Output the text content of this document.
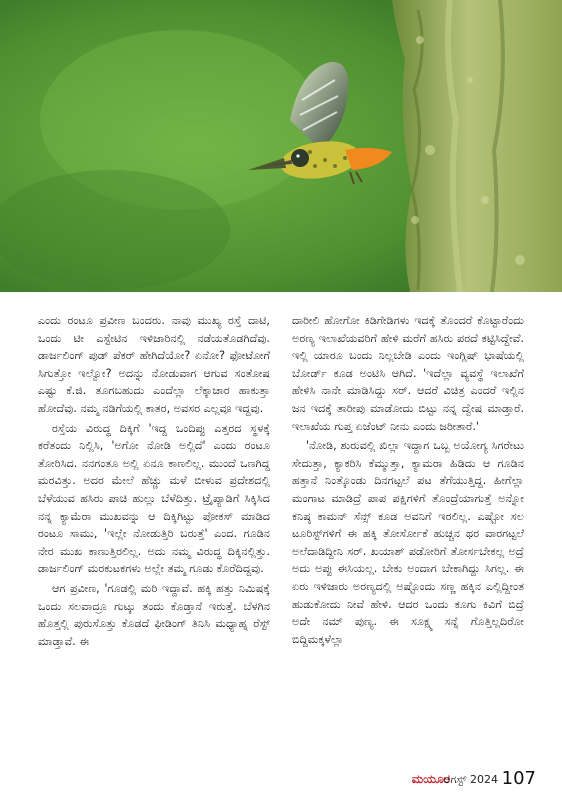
ಎಂದು ರಂಟೂ ಪ್ರವೀಣ ಬಂದರು. ನಾವು ಮುಖ್ಯ ರಸ್ತೆ ದಾಟಿ, ಒಂದು ಟೀ ಎಸ್ಟೇಟಿನ ಇಳಿಜಾರಿನಲ್ಲಿ ನಡೆಯತೊಡಗಿದೆವು. ಡಾರ್ಜಲಿಂಗ್ ಪುಡ್ ಪೆಕರ್ ಹೇಗಿದೆಯೋ? ಏನೋ? ಫೋಟೋಗೆ ಸಿಗುತ್ತೋ ಇಲ್ವೋ? ಅದನ್ನು ನೋಡುವಾಗ ಆಗುವ ಸಂತೋಷ ಎಷ್ಟು ಕೆ.ಜಿ. ತೂಗಬಹುದು ಎಂದೆಲ್ಲಾ ಲೆಕ್ಕಾಚಾರ ಹಾಕುತ್ತಾ ಹೋದೆವು. ನಮ್ಮ ನಡಿಗೆಯಲ್ಲಿ ಕಾತರ, ಅವಸರ ಎಲ್ಲವೂ ಇದ್ದವು.

ರಸ್ತೆಯ ವಿರುದ್ಧ ದಿಕ್ಕಿಗೆ 'ಇದ್ದ ಒಂದಿಪ್ಪು ಎತ್ತರದ ಸ್ಥಳಕ್ಕೆ ಕರೆತಂದು ನಿಲ್ಲಿಸಿ, 'ಅಗೋ ನೋಡಿ ಅಲ್ಲಿದೆ' ಎಂದು ರಂಟೂ ತೋರಿಸಿದ. ನನಗಂತೂ ಅಲ್ಲಿ ಏನೂ ಕಾಣಲಿಲ್ಲ. ಮುಂದೆ ಒಣಗಿದ್ದ ಮರವಿತ್ತು. ಅದರ ಮೇಲೆ ಹೆಚ್ಚು ಮಳೆ ಬೀಳುವ ಪ್ರದೇಶದಲ್ಲಿ ಬೆಳೆಯುವ ಹಸಿರು ಪಾಚಿ ಹುಲ್ಲು ಬೆಳೆದಿತ್ತು. ಟ್ರೈಪ್ಯಾಡಿಗೆ ಸಿಕ್ಕಿಸಿದ ನನ್ನ ಕ್ಯಾಮೆರಾ ಮುಖವನ್ನು ಆ ದಿಕ್ಕಿಗಿಟ್ಟು ಪೋಕಸ್ ಮಾಡಿದ ರಂಟೂ ಸಾಮು, 'ಇಲ್ಲೇ ನೋಡುತ್ತಿರಿ ಬರುತ್ತೆ' ಎಂದ. ಗೂಡಿನ ನೇರ ಮುಖ ಕಾಣುತ್ತಿರಲಿಲ್ಲ. ಅದು ನಮ್ಮ ವಿರುದ್ಧ ದಿಕ್ಕಿನಲ್ಲಿತ್ತು. ಡಾರ್ಜಲಿಂಗ್ ಮರಕುಟಕಗಳು ಅಲ್ಲೇ ತಮ್ಮ ಗೂಡು ಕೊರೆದಿದ್ದವು.

ಆಗ ಪ್ರವೀಣ, 'ಗೂಡಲ್ಲಿ ಮರಿ ಇದ್ದಾವೆ. ಹಕ್ಕಿ ಹತ್ತು ನಿಮಿಷಕ್ಕೆ ಒಂದು ಸಲವಾದ್ರೂ ಗುಟ್ಕು ತಂದು ಕೊಡ್ತಾನೆ ಇರುತ್ತೆ. ಬೆಳಗಿನ ಹೊತ್ತಲ್ಲಿ ಪುರುಸೊತ್ತು ಕೊಡದೆ ಫೀಡಿಂಗ್ ತಿನಿಸಿ ಮಧ್ಯಾಹ್ನ ರೆಸ್ಟ್ ಮಾಡ್ತಾವೆ. ಈ

ದಾರೀಲಿ ಹೋಗೋ ಕಿಡಿಗೇಡಿಗಳು ಇದಕ್ಕೆ ತೊಂದರೆ ಕೊಟ್ಟಾರೆಂದು ಅರಣ್ಯ ಇಲಾಖೆಯವರಿಗೆ ಹೇಳಿ ಮರೆಗೆ ಹಸಿರು ಪರದೆ ಕಟ್ಟಿಸಿದ್ದೇವೆ. ಇಲ್ಲಿ ಯಾರೂ ಬಂದು ನಿಲ್ಲಬೇಡಿ ಎಂದು ಇಂಗ್ಲಿಷ್ ಭಾಷೆಯಲ್ಲಿ ಬೋರ್ಡ್ ಕೂಡ ಅಂಟಿಸಿ ಆಗಿದೆ. 'ಇದೆಲ್ಲಾ ವ್ಯವಸ್ಥೆ ಇಲಾಖೆಗೆ ಹೇಳಿಸಿ ನಾನೇ ಮಾಡಿಸಿದ್ದು ಸರ್. ಆದರೆ ವಿಚಿತ್ರ ಎಂದರೆ ಇಲ್ಲಿನ ಜನ ಇದಕ್ಕೆ ತಾರೀಪು ಮಾಡೋದು ಬಿಟ್ಟು ನನ್ನ ದ್ವೇಷ ಮಾಡ್ತಾರೆ. ಇಲಾಖೆಯ ಗುಪ್ತ ಏಜೆಂಟ್ ನೀನು ಎಂದು ಜರೀತಾರೆ.'

'ನೋಡಿ, ಶುರುವಲ್ಲಿ ಖಿಲ್ಲಾ ಇದ್ದಾಗ ಒಬ್ಬ ಅಯೋಗ್ಯ ಸಿಗರೇಟು ಸೇದುತ್ತಾ, ಕ್ಯಾಕರಿಸಿ ಕೆಮ್ಮುತ್ತಾ, ಕ್ಯಾಮರಾ ಹಿಡಿದು ಆ ಗೂಡಿನ ಹತ್ತಾನೆ ನಿಂತ್ಕೊಂಡು ದಿನಗಟ್ಟಲೆ ಪಟ ತೆಗೆಯುತ್ತಿದ್ದ. ಹೀಗೆಲ್ಲಾ ಮಂಗಾಟ ಮಾಡಿದ್ರೆ ಪಾಪ ಪಕ್ಷಿಗಳಿಗೆ ತೊಂದ್ರೆಯಾಗುತ್ತೆ ಅನ್ನೋ ಕನಿಷ್ಠ ಕಾಮನ್ ಸೆನ್ಸ್ ಕೂಡ ಅವನಿಗೆ ಇರಲಿಲ್ಲ. ಎಷ್ಟೋ ಸಲ ಟೂರಿಸ್ಟ್‌ಗಳಿಗೆ ಈ ಹಕ್ಕಿ ತೋರ್ಸೋಕೆ ಹುಚ್ಚನ ಥರ ವಾರಗಟ್ಟಲೆ ಅಲೆದಾಡಿದ್ದೀನಿ ಸರ್. ಖಯಾಶ್ ಪಡೋರಿಗೆ ತೋರ್ಸಬೇಕಲ್ಲ ಅದ್ರೆ ಅದು ಅಪ್ಪು ಈಸಿಯಲ್ಲ. ಬೇಕು ಅಂದಾಗ ಬೇಕಾಗಿದ್ದು ಸಿಗಲ್ಲ. ಈ ಏರು ಇಳಿಜಾರು ಅರಣ್ಯದಲ್ಲಿ ಅಷ್ಟೊಂದು ಸಣ್ಣ ಹಕ್ಕಿನ ಎಲ್ಲಿದ್ದೀಂತ ಹುಡುಕೋದು ನೀವೆ ಹೇಳಿ. ಆದರ ಒಂದು ಕೂಗು ಕಿವಿಗೆ ಬಿದ್ರೆ ಅದೇ ನಮ್ ಪುಣ್ಯ. ಈ ಸೂಕ್ಷ್ಮ ಸನ್ನೆ ಗೊತ್ತಿಲ್ಲದಿರೋ ಬಿದ್ದಿಮಕ್ಕಳೆಲ್ಲಾ

ಮಯೂರ
ಆಗಸ್ಟ್ 2024 107
